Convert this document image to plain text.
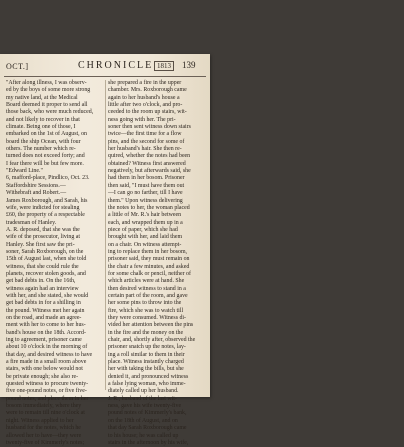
OCT.]	CHRONICLE 1813	139
"After along illness, I was observ-
ed by the boys of some more strong
my native land, at the Medical
Board deemed it proper to send all
those back, who were much reduced,
and not likely to recover in that
climate. Being one of those, I
embarked on the 1st of August, on
board the ship Ocean, with four
others. The number which re-
turned does not exceed forty; and
I fear there will be but few more.
"Edward Line."
6, mafford-place, Pindlico, Oct. 23.
Staffordshire Sessions.—
Withebraft and Robert.—
James Roxborough, and Sarah, his
wife, were indicted for stealing
£60, the property of a respectable
tradesman of Hanley.
A. R. deposed, that she was the
wife of the prosecutor, living at
Hanley. She first saw the pri-
soner, Sarah Roxborough, on the
15th of August last, when she told
witness, that she could rule the
planets, recover stolen goods, and
get bad debts in. On the 16th,
witness again had an interview
with her, and she stated, she would
get bad debts in for a shilling in
the pound. Witness met her again
on the road, and made an agree-
ment with her to come to her hus-
band's house on the 18th. Accord-
ing to agreement, prisoner came
about 10 o'clock in the morning of
that day, and desired witness to have
a fire made in a small room above
stairs, with one below would not
be private enough; she also re-
quested witness to procure twenty-
five one-pound notes, or five five-
pound notes, and place them in her
bosom immediately, where they
were to remain till nine o'clock at
night. Witness applied to her
husband for the notes, which he
allowed her to have—they were
twenty-five of Kimmerly's notes;
she prepared a fire in the upper
chamber. Mrs. Roxborough came
again to her husband's house a
little after two o'clock, and pro-
ceeded to the room up stairs, wit-
ness going with her. The pri-
soner then sent witness down stairs
twice—the first time for a flow
pins, and the second for some of
her husband's hair. She then re-
quired, whether the notes had been
obtained? Witness first answered
negatively, but afterwards said, she
had them in her bosom. Prisoner
then said, "I must have them out
—I can go no farther, till I have
them." Upon witness delivering
the notes to her, the woman placed
a little of Mr. R.'s hair between
each, and wrapped them up in a
piece of paper, which she had
brought with her, and laid them
on a chair. On witness attempt-
ing to replace them in her bosom,
prisoner said, they must remain on
the chair a few minutes, and asked
for some chalk or pencil, neither of
which articles were at hand. She
then desired witness to stand in a
certain part of the room, and gave
her some pins to throw into the
fire, which she was to watch till
they were consumed. Witness di-
vided her attention between the pins
in the fire and the money on the
chair, and, shortly after, observed the
prisoner snatch up the notes, lay-
ing a roll similar to them in their
place. Witness instantly charged
her with taking the bills, but she
denied it, and pronounced witness
a false lying woman, who imme-
diately called up her husband.
J. R., husband of the last wit-
ness, gave his wife twenty-five
pound notes of Kimmerly's bank,
on the 18th of August, and on
that day Sarah Roxborough came
to his house; he was called up
stairs in the afternoon by his wife,
